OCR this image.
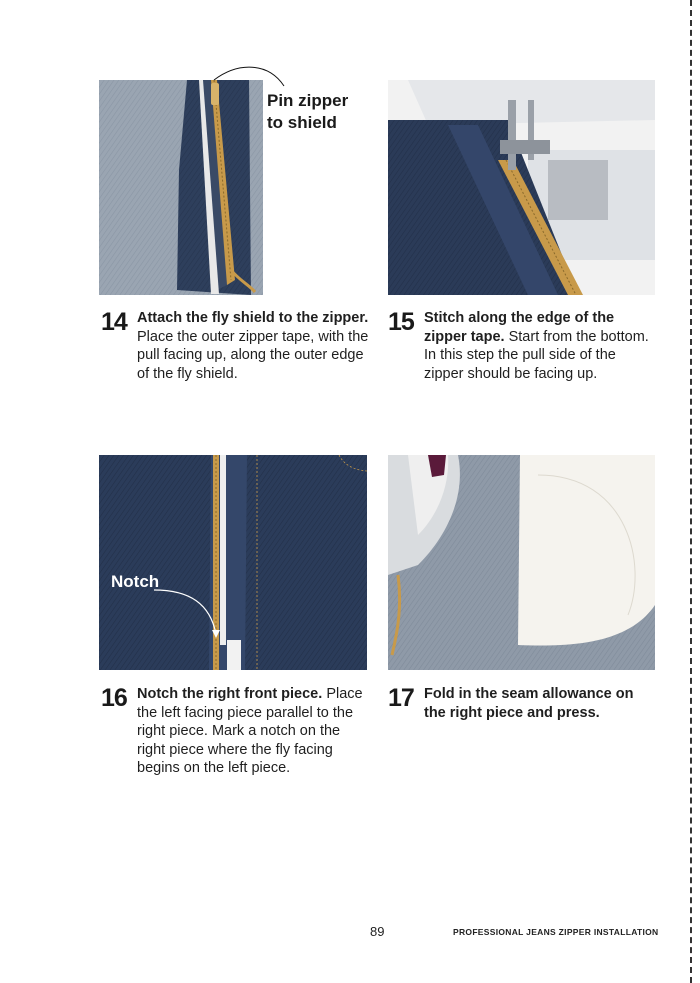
Pin zipper
to shield
14 Attach the fly shield to the zipper. Place the outer zipper tape, with the pull facing up, along the outer edge of the fly shield.
15 Stitch along the edge of the zipper tape. Start from the bottom. In this step the pull side of the zipper should be facing up.
Notch
16 Notch the right front piece. Place the left facing piece parallel to the right piece. Mark a notch on the right piece where the fly facing begins on the left piece.
17 Fold in the seam allowance on the right piece and press.
89	PROFESSIONAL JEANS ZIPPER INSTALLATION
